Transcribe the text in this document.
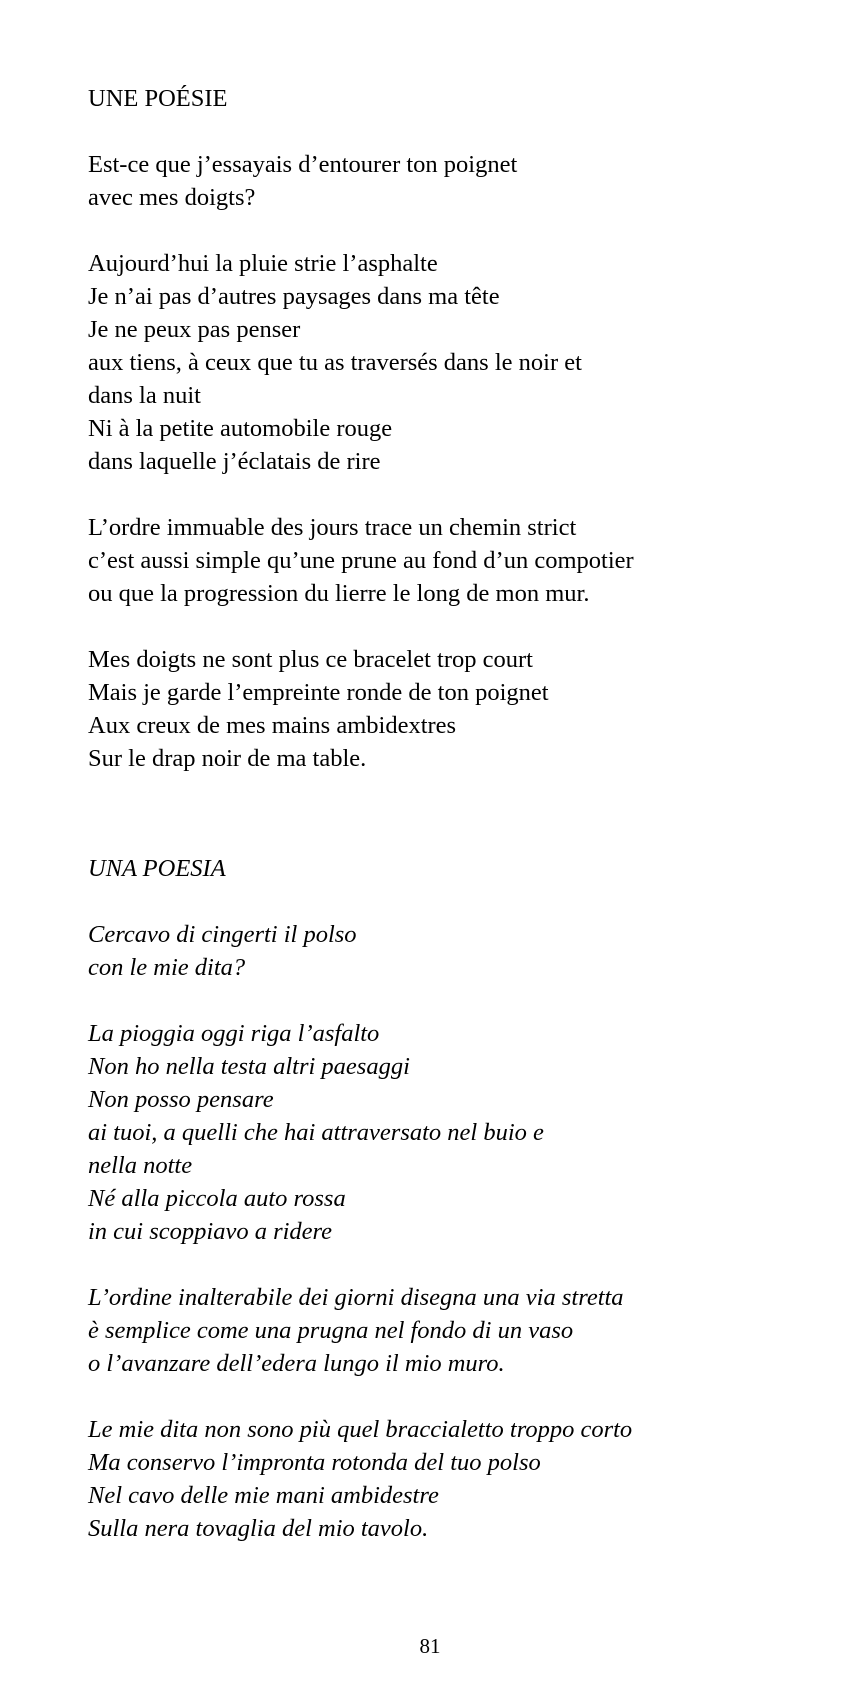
UNE POÉSIE
Est-ce que j’essayais d’entourer ton poignet
avec mes doigts?
Aujourd’hui la pluie strie l’asphalte
Je n’ai pas d’autres paysages dans ma tête
Je ne peux pas penser
aux tiens, à ceux que tu as traversés dans le noir et
dans la nuit
Ni à la petite automobile rouge
dans laquelle j’éclatais de rire
L’ordre immuable des jours trace un chemin strict
c’est aussi simple qu’une prune au fond d’un compotier
ou que la progression du lierre le long de mon mur.
Mes doigts ne sont plus ce bracelet trop court
Mais je garde l’empreinte ronde de ton poignet
Aux creux de mes mains ambidextres
Sur le drap noir de ma table.
UNA POESIA
Cercavo di cingerti il polso
con le mie dita?
La pioggia oggi riga l’asfalto
Non ho nella testa altri paesaggi
Non posso pensare
ai tuoi, a quelli che hai attraversato nel buio e
nella notte
Né alla piccola auto rossa
in cui scoppiavo a ridere
L’ordine inalterabile dei giorni disegna una via stretta
è semplice come una prugna nel fondo di un vaso
o l’avanzare dell’edera lungo il mio muro.
Le mie dita non sono più quel braccialetto troppo corto
Ma conservo l’impronta rotonda del tuo polso
Nel cavo delle mie mani ambidestre
Sulla nera tovaglia del mio tavolo.
81
